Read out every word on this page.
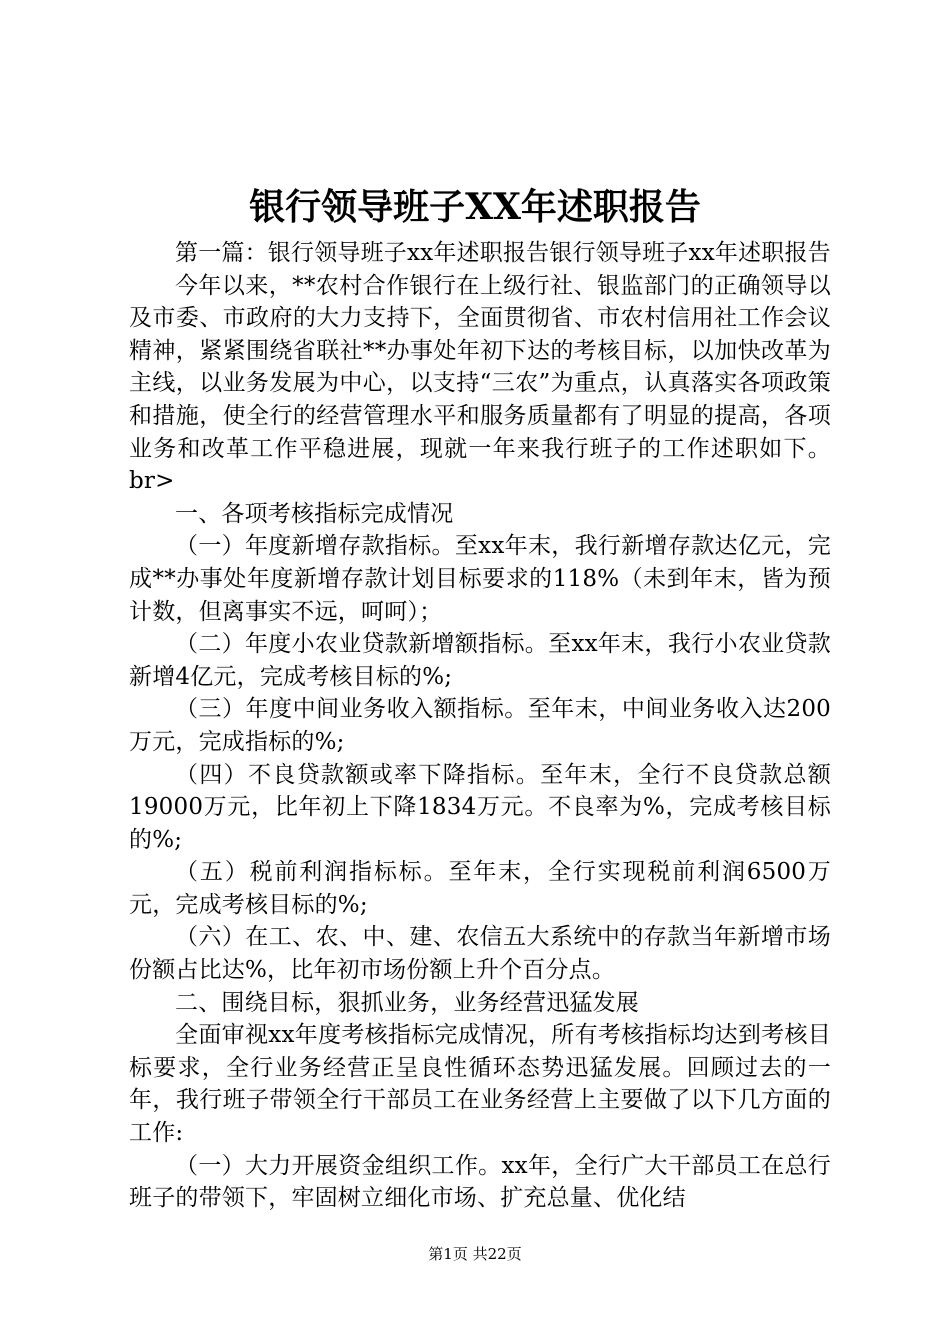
银行领导班子XX年述职报告

第一篇：银行领导班子xx年述职报告银行领导班子xx年述职报告

今年以来，**农村合作银行在上级行社、银监部门的正确领导以及市委、市政府的大力支持下，全面贯彻省、市农村信用社工作会议精神，紧紧围绕省联社**办事处年初下达的考核目标，以加快改革为主线，以业务发展为中心，以支持“三农”为重点，认真落实各项政策和措施，使全行的经营管理水平和服务质量都有了明显的提高，各项业务和改革工作平稳进展，现就一年来我行班子的工作述职如下。br>

一、各项考核指标完成情况

（一）年度新增存款指标。至xx年末，我行新增存款达亿元，完成**办事处年度新增存款计划目标要求的118%（未到年末，皆为预计数，但离事实不远，呵呵）；

（二）年度小农业贷款新增额指标。至xx年末，我行小农业贷款新增4亿元，完成考核目标的%;

（三）年度中间业务收入额指标。至年末，中间业务收入达200万元，完成指标的%;

（四）不良贷款额或率下降指标。至年末，全行不良贷款总额19000万元，比年初上下降1834万元。不良率为%，完成考核目标的%;

（五）税前利润指标标。至年末，全行实现税前利润6500万元，完成考核目标的%;

（六）在工、农、中、建、农信五大系统中的存款当年新增市场份额占比达%，比年初市场份额上升个百分点。

二、围绕目标，狠抓业务，业务经营迅猛发展

全面审视xx年度考核指标完成情况，所有考核指标均达到考核目标要求，全行业务经营正呈良性循环态势迅猛发展。回顾过去的一年，我行班子带领全行干部员工在业务经营上主要做了以下几方面的工作:

（一）大力开展资金组织工作。xx年，全行广大干部员工在总行班子的带领下，牢固树立细化市场、扩充总量、优化结

第1页 共22页
